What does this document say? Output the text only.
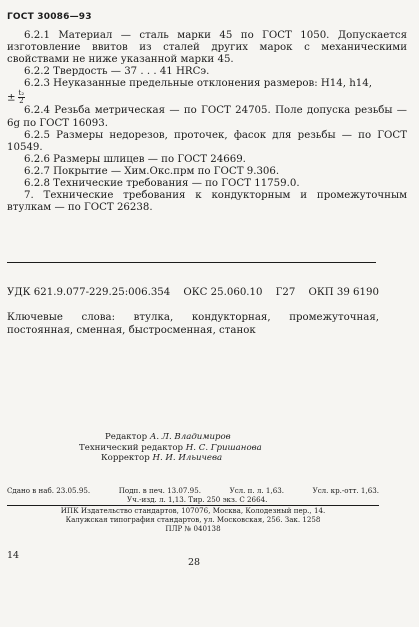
ГОСТ 30086—93

6.2.1 Материал — сталь марки 45 по ГОСТ 1050. Допускается изготовление ввитов из сталей других марок с механическими свойствами не ниже указанной марки 45.

6.2.2 Твердость — 37 . . . 41 HRCэ.

6.2.3 Неуказанные предельные отклонения размеров: H14, h14,

± $\frac{\text{t₂}}{2}$

6.2.4 Резьба метрическая — по ГОСТ 24705. Поле допуска резьбы — 6g по ГОСТ 16093.

6.2.5 Размеры недорезов, проточек, фасок для резьбы — по ГОСТ 10549.

6.2.6 Размеры шлицев — по ГОСТ 24669.

6.2.7 Покрытие — Хим.Окс.прм по ГОСТ 9.306.

6.2.8 Технические требования — по ГОСТ 11759.0.

7. Технические требования к кондукторным и промежуточным втулкам — по ГОСТ 26238.

УДК 621.9.077-229.25:006.354 ОКС 25.060.10 Г27 ОКП 39 6190
Ключевые слова: втулка, кондукторная, промежуточная, постоянная, сменная, быстросменная, станок
Редактор А. Л. Владимиров
Технический редактор Н. С. Гришанова
Корректор Н. И. Ильичева
Сдано в наб. 23.05.95.	Подп. в печ. 13.07.95.	Усл. п. л. 1,63.	Усл. кр.-отт. 1,63.
Уч.-изд. л. 1,13. Тир. 250 экз. С 2664.
ИПК Издательство стандартов, 107076, Москва, Колодезный пер., 14.
Калужская типография стандартов, ул. Московская, 256. Зак. 1258
ПЛР № 040138
14
28
